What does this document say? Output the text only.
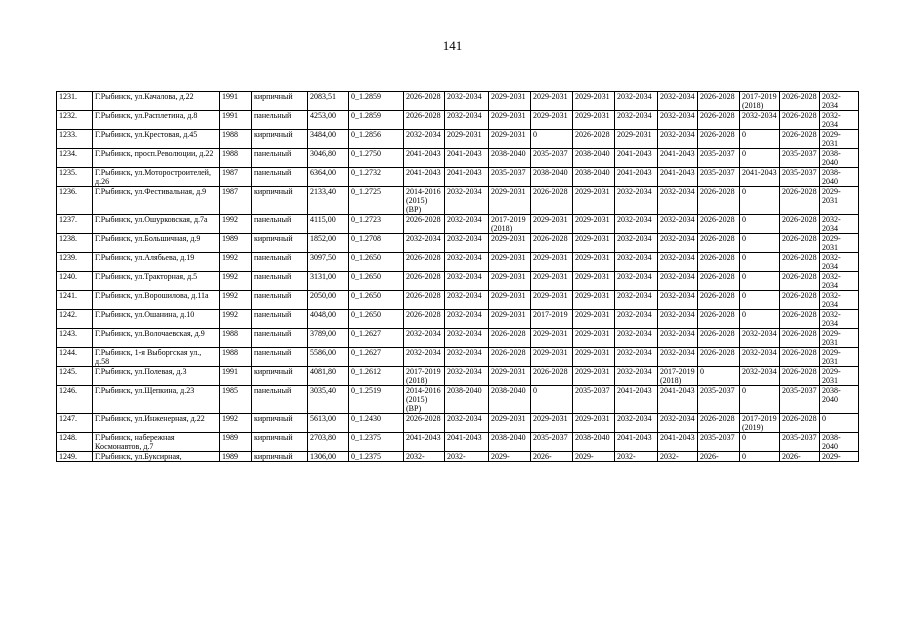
141
1231.	Г.Рыбинск, ул.Качалова, д.22	1991	кирпичный	2083,51	0_1.2859	2026-2028	2032-2034	2029-2031	2029-2031	2029-2031	2032-2034	2032-2034	2026-2028	2017-2019 (2018)	2026-2028	2032-2034
1232.	Г.Рыбинск, ул.Расплетина, д.8	1991	панельный	4253,00	0_1.2859	2026-2028	2032-2034	2029-2031	2029-2031	2029-2031	2032-2034	2032-2034	2026-2028	2032-2034	2026-2028	2032-2034
1233.	Г.Рыбинск, ул.Крестовая, д.45	1988	кирпичный	3484,00	0_1.2856	2032-2034	2029-2031	2029-2031	0	2026-2028	2029-2031	2032-2034	2026-2028	0	2026-2028	2029-2031
1234.	Г.Рыбинск, просп.Революции, д.22	1988	панельный	3046,80	0_1.2750	2041-2043	2041-2043	2038-2040	2035-2037	2038-2040	2041-2043	2041-2043	2035-2037	0	2035-2037	2038-2040
1235.	Г.Рыбинск, ул.Моторостроителей, д.26	1987	панельный	6364,00	0_1.2732	2041-2043	2041-2043	2035-2037	2038-2040	2038-2040	2041-2043	2041-2043	2035-2037	2041-2043	2035-2037	2038-2040
1236.	Г.Рыбинск, ул.Фестивальная, д.9	1987	кирпичный	2133,40	0_1.2725	2014-2016 (2015) (ВР)	2032-2034	2029-2031	2026-2028	2029-2031	2032-2034	2032-2034	2026-2028	0	2026-2028	2029-2031
1237.	Г.Рыбинск, ул.Ошурковская, д.7а	1992	панельный	4115,00	0_1.2723	2026-2028	2032-2034	2017-2019 (2018)	2029-2031	2029-2031	2032-2034	2032-2034	2026-2028	0	2026-2028	2032-2034
1238.	Г.Рыбинск, ул.Большичная, д.9	1989	кирпичный	1852,00	0_1.2708	2032-2034	2032-2034	2029-2031	2026-2028	2029-2031	2032-2034	2032-2034	2026-2028	0	2026-2028	2029-2031
1239.	Г.Рыбинск, ул.Алябьева, д.19	1992	панельный	3097,50	0_1.2650	2026-2028	2032-2034	2029-2031	2029-2031	2029-2031	2032-2034	2032-2034	2026-2028	0	2026-2028	2032-2034
1240.	Г.Рыбинск, ул.Тракторная, д.5	1992	панельный	3131,00	0_1.2650	2026-2028	2032-2034	2029-2031	2029-2031	2029-2031	2032-2034	2032-2034	2026-2028	0	2026-2028	2032-2034
1241.	Г.Рыбинск, ул.Ворошилова, д.11а	1992	панельный	2050,00	0_1.2650	2026-2028	2032-2034	2029-2031	2029-2031	2029-2031	2032-2034	2032-2034	2026-2028	0	2026-2028	2032-2034
1242.	Г.Рыбинск, ул.Ошанина, д.10	1992	панельный	4048,00	0_1.2650	2026-2028	2032-2034	2029-2031	2017-2019	2029-2031	2032-2034	2032-2034	2026-2028	0	2026-2028	2032-2034
1243.	Г.Рыбинск, ул.Волочаевская, д.9	1988	панельный	3789,00	0_1.2627	2032-2034	2032-2034	2026-2028	2029-2031	2029-2031	2032-2034	2032-2034	2026-2028	2032-2034	2026-2028	2029-2031
1244.	Г.Рыбинск, 1-я Выборгская ул., д.58	1988	панельный	5586,00	0_1.2627	2032-2034	2032-2034	2026-2028	2029-2031	2029-2031	2032-2034	2032-2034	2026-2028	2032-2034	2026-2028	2029-2031
1245.	Г.Рыбинск, ул.Полевая, д.3	1991	кирпичный	4081,80	0_1.2612	2017-2019 (2018)	2032-2034	2029-2031	2026-2028	2029-2031	2032-2034	2017-2019 (2018)	0	2032-2034	2026-2028	2029-2031
1246.	Г.Рыбинск, ул.Щепкина, д.23	1985	панельный	3035,40	0_1.2519	2014-2016 (2015) (ВР)	2038-2040	2038-2040	0	2035-2037	2041-2043	2041-2043	2035-2037	0	2035-2037	2038-2040
1247.	Г.Рыбинск, ул.Инженерная, д.22	1992	кирпичный	5613,00	0_1.2430	2026-2028	2032-2034	2029-2031	2029-2031	2029-2031	2032-2034	2032-2034	2026-2028	2017-2019 (2019)	2026-2028	0
1248.	Г.Рыбинск, набережная Космонавтов, д.7	1989	кирпичный	2703,80	0_1.2375	2041-2043	2041-2043	2038-2040	2035-2037	2038-2040	2041-2043	2041-2043	2035-2037	0	2035-2037	2038-2040
1249.	Г.Рыбинск, ул.Буксирная,	1989	кирпичный	1306,00	0_1.2375	2032-	2032-	2029-	2026-	2029-	2032-	2032-	2026-	0	2026-	2029-
